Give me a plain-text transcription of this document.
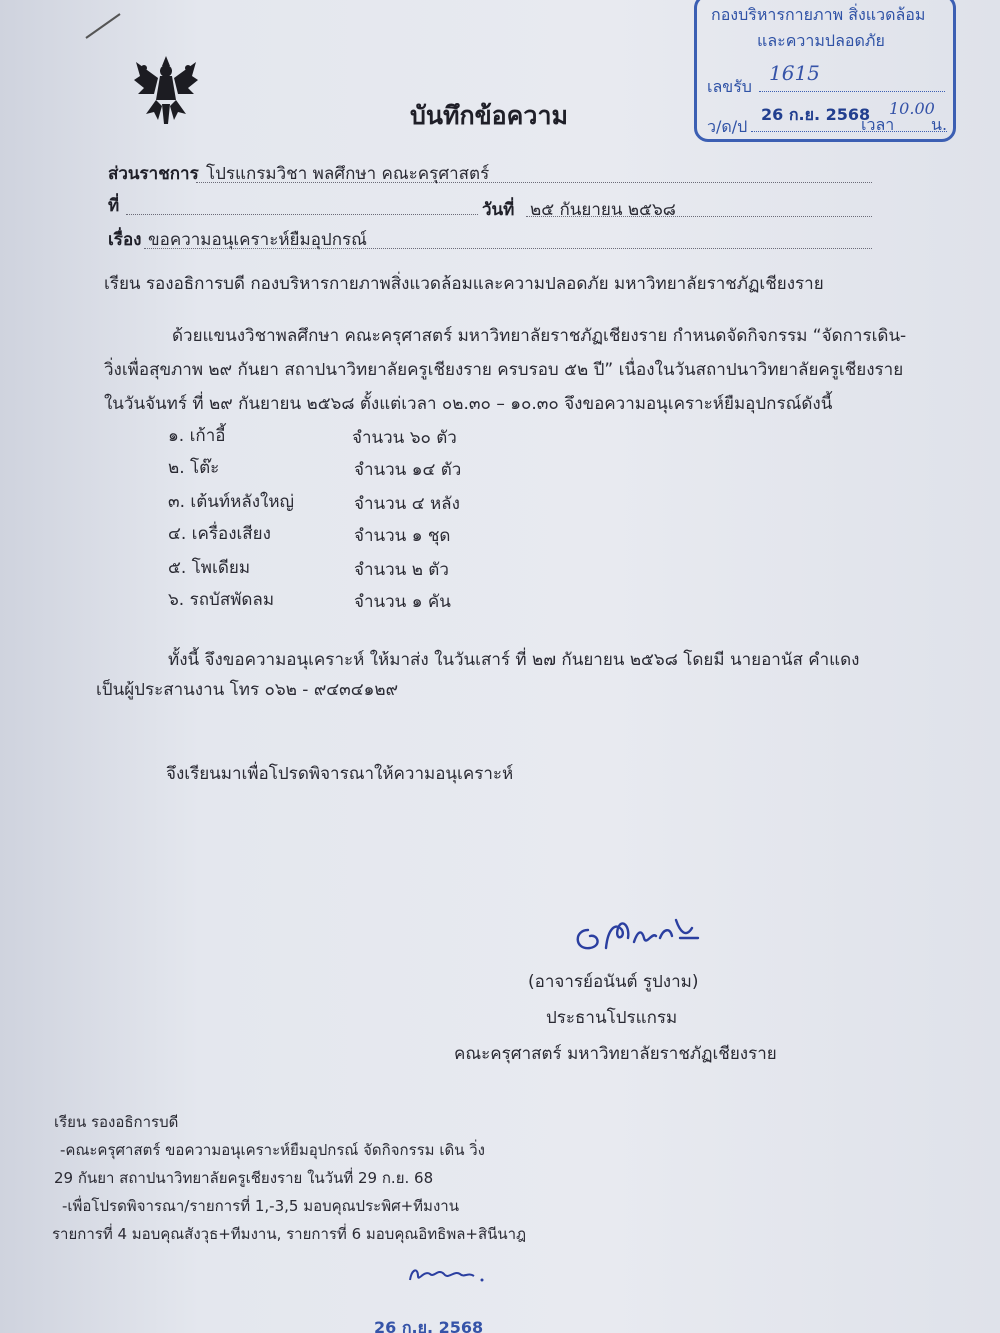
กองบริหารกายภาพ สิ่งแวดล้อม
และความปลอดภัย
เลขรับ
1615
ว/ด/ป
26 ก.ย. 2568
เวลา
10.00
น.
บันทึกข้อความ
ส่วนราชการ โปรแกรมวิชา พลศึกษา คณะครุศาสตร์
ที่	วันที่ ๒๕ กันยายน ๒๕๖๘
เรื่อง ขอความอนุเคราะห์ยืมอุปกรณ์
เรียน รองอธิการบดี กองบริหารกายภาพสิ่งแวดล้อมและความปลอดภัย มหาวิทยาลัยราชภัฏเชียงราย
ด้วยแขนงวิชาพลศึกษา คณะครุศาสตร์ มหาวิทยาลัยราชภัฏเชียงราย กำหนดจัดกิจกรรม “จัดการเดิน-
วิ่งเพื่อสุขภาพ ๒๙ กันยา สถาปนาวิทยาลัยครูเชียงราย ครบรอบ ๕๒ ปี” เนื่องในวันสถาปนาวิทยาลัยครูเชียงราย
ในวันจันทร์ ที่ ๒๙ กันยายน ๒๕๖๘ ตั้งแต่เวลา ๐๒.๓๐ – ๑๐.๓๐ จึงขอความอนุเคราะห์ยืมอุปกรณ์ดังนี้
๑. เก้าอี้	จำนวน ๖๐ ตัว
๒. โต๊ะ	จำนวน ๑๔ ตัว
๓. เต้นท์หลังใหญ่	จำนวน ๔ หลัง
๔. เครื่องเสียง	จำนวน ๑ ชุด
๕. โพเดียม	จำนวน ๒ ตัว
๖. รถบัสพัดลม	จำนวน ๑ คัน
ทั้งนี้ จึงขอความอนุเคราะห์ ให้มาส่ง ในวันเสาร์ ที่ ๒๗ กันยายน ๒๕๖๘ โดยมี นายอานัส คำแดง
เป็นผู้ประสานงาน โทร ๐๖๒ - ๙๔๓๔๑๒๙
จึงเรียนมาเพื่อโปรดพิจารณาให้ความอนุเคราะห์
(อาจารย์อนันต์ รูปงาม)
ประธานโปรแกรม
คณะครุศาสตร์ มหาวิทยาลัยราชภัฏเชียงราย
เรียน รองอธิการบดี
-คณะครุศาสตร์ ขอความอนุเคราะห์ยืมอุปกรณ์ จัดกิจกรรม เดิน วิ่ง
29 กันยา สถาปนาวิทยาลัยครูเชียงราย ในวันที่ 29 ก.ย. 68
-เพื่อโปรดพิจารณา/รายการที่ 1,-3,5 มอบคุณประพิศ+ทีมงาน
รายการที่ 4 มอบคุณสังวุธ+ทีมงาน, รายการที่ 6 มอบคุณอิทธิพล+สินีนาฎ
26 ก.ย. 2568
